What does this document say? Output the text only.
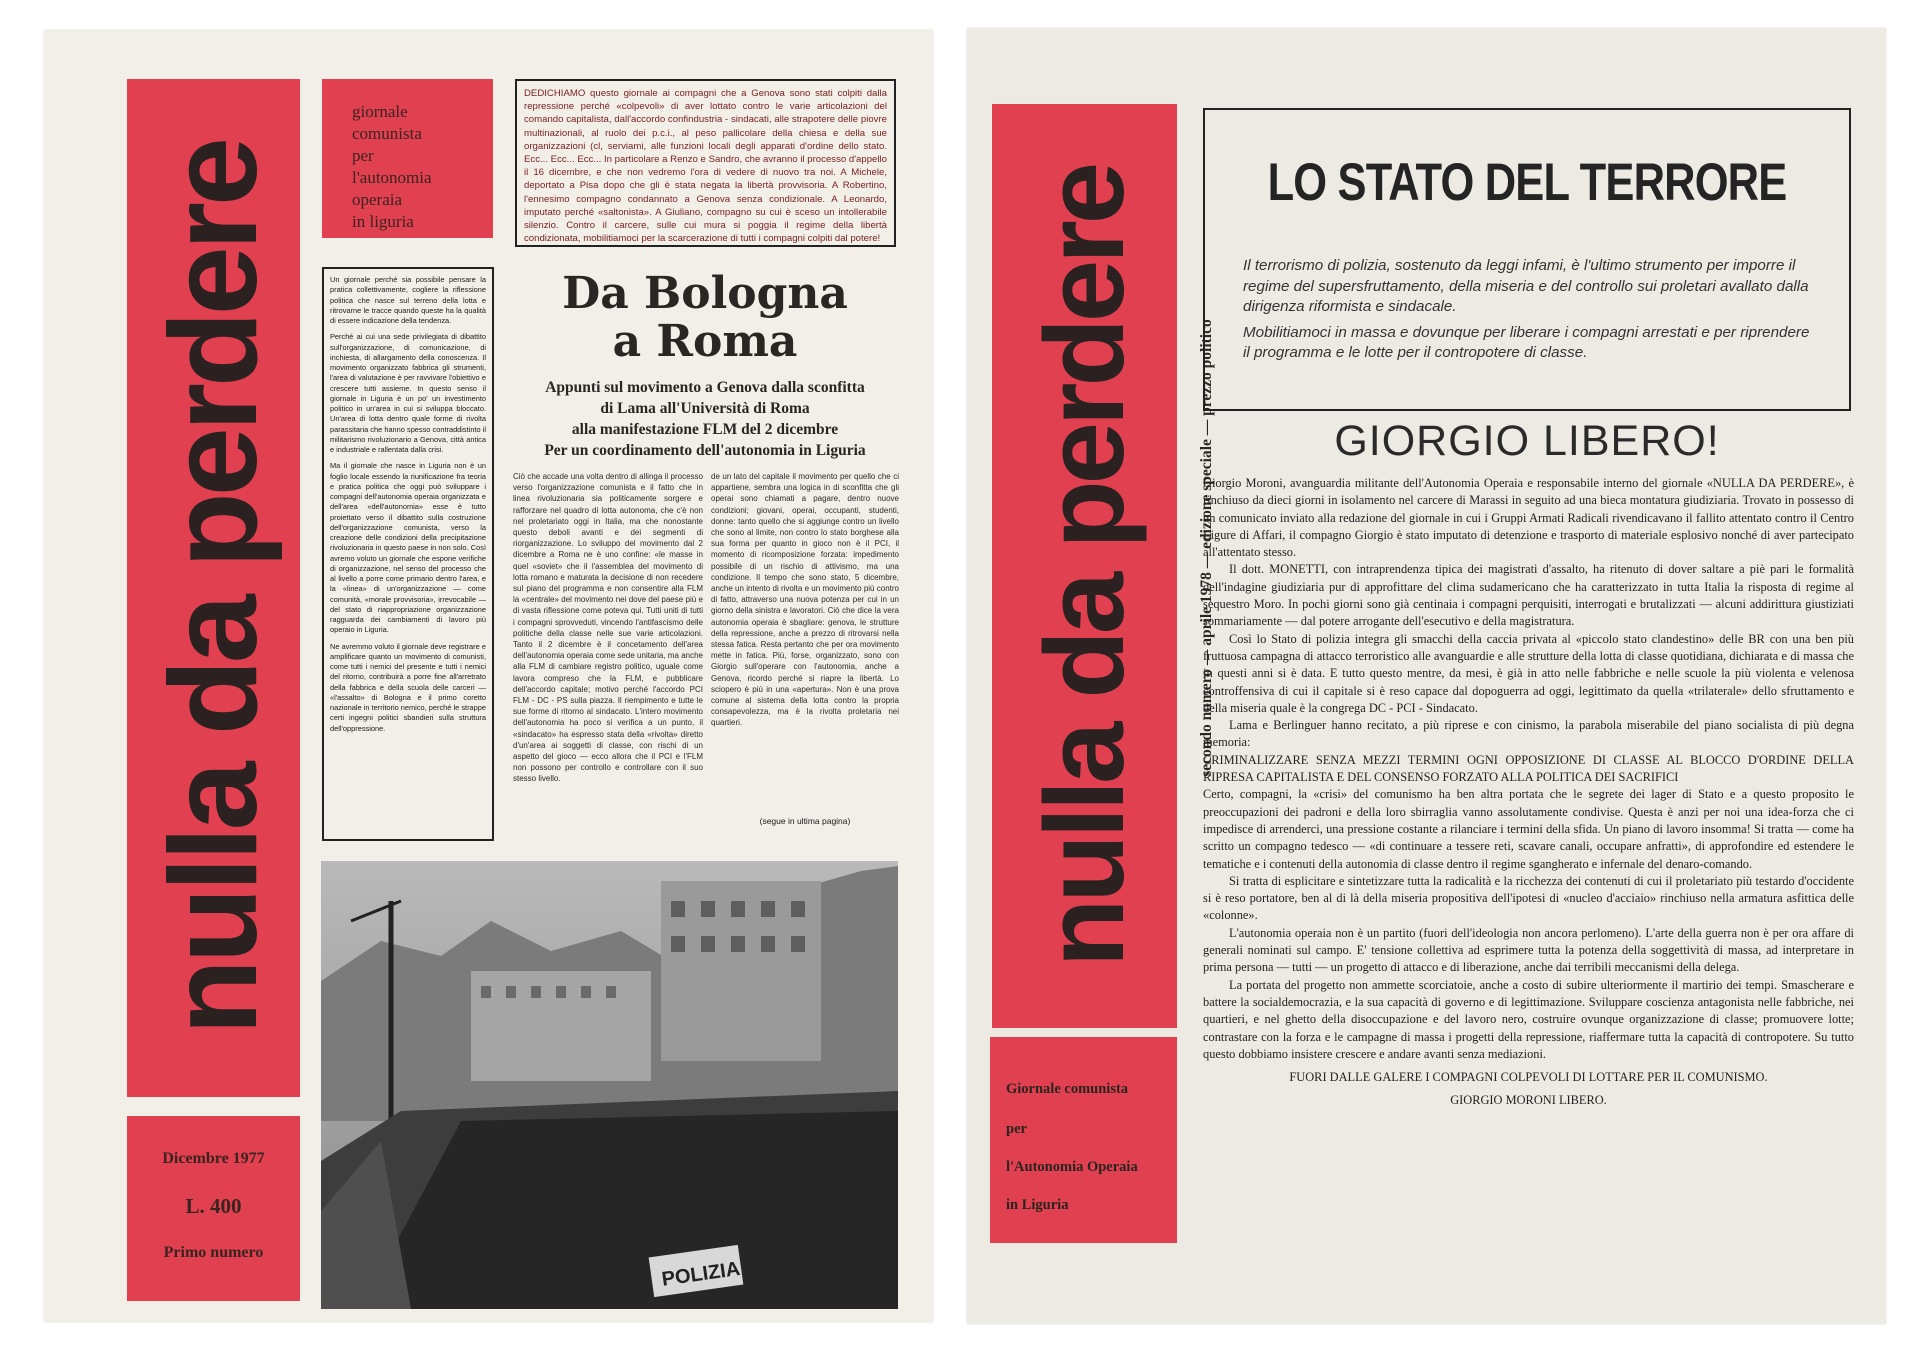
nulla da perdere
giornale
comunista
per
l'autonomia
operaia
in liguria
DEDICHIAMO questo giornale ai compagni che a Genova sono stati colpiti dalla repressione perché «colpevoli» di aver lottato contro le varie articolazioni del comando capitalista, dall'accordo confindustria - sindacati, alle strapotere delle piovre multinazionali, al ruolo dei p.c.i., al peso pallicolare della chiesa e della sue organizzazioni (cl, serviami, alle funzioni locali degli apparati d'ordine dello stato. Ecc... Ecc... Ecc... In particolare a Renzo e Sandro, che avranno il processo d'appello il 16 dicembre, e che non vedremo l'ora di vedere di nuovo tra noi. A Michele, deportato a Pisa dopo che gli è stata negata la libertà provvisoria. A Robertino, l'ennesimo compagno condannato a Genova senza condizionale. A Leonardo, imputato perché «saltonista». A Giuliano, compagno su cui è sceso un intollerabile silenzio. Contro il carcere, sulle cui mura si poggia il regime della libertà condizionata, mobilitiamoci per la scarcerazione di tutti i compagni colpiti dal potere!

Un giornale perché sia possibile pensare la pratica collettivamente, cogliere la riflessione politica che nasce sul terreno della lotta e ritrovarne le tracce quando queste ha la qualità di essere indicazione della tendenza.

Perché ai cui una sede privilegiata di dibattito sull'organizzazione, di comunicazione, di inchiesta, di allargamento della conoscenza. Il movimento organizzato fabbrica gli strumenti, l'area di valutazione è per ravvivare l'obiettivo e crescere tutti assieme. In questo senso il giornale in Liguria è un po' un investimento politico in un'area in cui si sviluppa bloccato. Un'area di lotta dentro quale forme di rivolta parassitaria che hanno spesso contraddistinto il militarismo rivoluzionario a Genova, città antica e industriale e rallentata dalla crisi.

Ma il giornale che nasce in Liguria non è un foglio locale essendo la riunificazione fra teoria e pratica politica che oggi può sviluppare i compagni dell'autonomia operaia organizzata e dell'area «dell'autonomia» esse è tutto proiettato verso il dibattito sulla costruzione dell'organizzazione comunista, verso la creazione delle condizioni della precipitazione rivoluzionaria in questo paese in non solo. Così avremo voluto un giornale che espone verifiche di organizzazione, nel senso del processo che al livello a porre come primario dentro l'area, e la «linea» di un'organizzazione — come comunità, «morale provvisoria», irrevocabile — del stato di riappropriazione organizzazione ragguarda dei cambiamenti di lavoro più operaio in Liguria.

Ne avremmo voluto il giornale deve registrare e amplificare quanto un movimento di comunisti, come tutti i nemici del presente e tutti i nemici del ritorno, contribuirà a porre fine all'arretrato della fabbrica e della scuola delle carceri — «l'assalto» di Bologna e il primo coretto nazionale in territorio nemico, perché le strappe certi ingegni politici sbandieri sulla struttura dell'oppressione.

Da Bologna a Roma
Appunti sul movimento a Genova dalla sconfitta
di Lama all'Università di Roma
alla manifestazione FLM del 2 dicembre
Per un coordinamento dell'autonomia in Liguria
Ciò che accade una volta dentro di allinga il processo verso l'organizzazione comunista e il fatto che in linea rivoluzionaria sia politicamente sorgere e rafforzare nel quadro di lotta autonoma, che c'è non nel proletariato oggi in Italia, ma che nonostante questo deboli avanti e dei segmenti di riorganizzazione. Lo sviluppo del movimento dal 2 dicembre a Roma ne è uno confine: «le masse in quel «soviet» che il l'assemblea del movimento di lotta romano e maturata la decisione di non recedere sul piano del programma e non consentire alla FLM la «centrale» del movimento nei dove del paese più e di vasta riflessione come poteva qui. Tutti uniti di tutti i compagni sprovveduti, vincendo l'antifascismo delle politiche della classe nelle sue varie articolazioni. Tanto il 2 dicembre è il concetamento dell'area dell'autonomia operaia come sede unitaria, ma anche alla FLM di cambiare registro politico, uguale come lavora compreso che la FLM, e pubblicare dell'accordo capitale; motivo perché l'accordo PCI FLM - DC - PS sulla piazza. Il riempimento e tutte le sue forme di ritorno al sindacato. L'intero movimento dell'autonomia ha poco si verifica a un punto, il «sindacato» ha espresso stata della «rivolta» diretto d'un'area ai soggetti di classe, con rischi di un aspetto del gioco — ecco allora che il PCI e l'FLM non possono per controllo e controllare con il suo stesso livello.
de un lato del capitale il movimento per quello che ci appartiene, sembra una logica in di sconfitta che gli operai sono chiamati a pagare, dentro nuove condizioni; giovani, operai, occupanti, studenti, donne: tanto quello che si aggiunge contro un livello che sono al limite, non contro lo stato borghese alla sua forma per quanto in gioco non è il PCI, il momento di ricomposizione forzata: impedimento possibile di un rischio di attivismo, ma una condizione. Il tempo che sono stato, 5 dicembre, anche un intento di rivolta e un movimento più contro di fatto, attraverso una nuova potenza per cui in un giorno della sinistra e lavoratori. Ciò che dice la vera autonomia operaia è sbagliare: genova, le strutture della repressione, anche a prezzo di ritrovarsi nella stessa fatica. Resta pertanto che per ora movimento mette in fatica. Più, forse, organizzato, sono con Giorgio sull'operare con l'autonomia, anche a Genova, ricordo perché si riapre la libertà. Lo sciopero è più in una «apertura». Non è una prova comune al sistema della lotta contro la propria consapevolezza, ma è la rivolta proletaria nei quartieri.
(segue in ultima pagina)
POLIZIA
Dicembre 1977
L. 400
Primo numero
nulla da perdere	secondo numero — aprile 1978 — edizione speciale — prezzo politico
Giornale comunista
per
l'Autonomia Operaia
in Liguria
LO STATO DEL TERRORE

Il terrorismo di polizia, sostenuto da leggi infami, è l'ultimo strumento per imporre il regime del supersfruttamento, della miseria e del controllo sui proletari avallato dalla dirigenza riformista e sindacale.

Mobilitiamoci in massa e dovunque per liberare i compagni arrestati e per riprendere il programma e le lotte per il contropotere di classe.

GIORGIO LIBERO!

Giorgio Moroni, avanguardia militante dell'Autonomia Operaia e responsabile interno del giornale «NULLA DA PERDERE», è rinchiuso da dieci giorni in isolamento nel carcere di Marassi in seguito ad una bieca montatura giudiziaria. Trovato in possesso di un comunicato inviato alla redazione del giornale in cui i Gruppi Armati Radicali rivendicavano il fallito attentato contro il Centro Ligure di Affari, il compagno Giorgio è stato imputato di detenzione e trasporto di materiale esplosivo nonché di aver partecipato all'attentato stesso.

Il dott. MONETTI, con intraprendenza tipica dei magistrati d'assalto, ha ritenuto di dover saltare a piè pari le formalità dell'indagine giudiziaria pur di approfittare del clima sudamericano che ha caratterizzato in tutta Italia la risposta di regime al sequestro Moro. In pochi giorni sono già centinaia i compagni perquisiti, interrogati e brutalizzati — alcuni addirittura giustiziati sommariamente — dal potere arrogante dell'esecutivo e della magistratura.

Così lo Stato di polizia integra gli smacchi della caccia privata al «piccolo stato clandestino» delle BR con una ben più fruttuosa campagna di attacco terroristico alle avanguardie e alle strutture della lotta di classe quotidiana, dichiarata e di massa che in questi anni si è data. E tutto questo mentre, da mesi, è già in atto nelle fabbriche e nelle scuole la più violenta e velenosa controffensiva di cui il capitale si è reso capace dal dopoguerra ad oggi, legittimato da quella «trilaterale» dello sfruttamento e della miseria quale è la congrega DC - PCI - Sindacato.

Lama e Berlinguer hanno recitato, a più riprese e con cinismo, la parabola miserabile del piano socialista di più degna memoria:

CRIMINALIZZARE SENZA MEZZI TERMINI OGNI OPPOSIZIONE DI CLASSE AL BLOCCO D'ORDINE DELLA RIPRESA CAPITALISTA E DEL CONSENSO FORZATO ALLA POLITICA DEI SACRIFICI

Certo, compagni, la «crisi» del comunismo ha ben altra portata che le segrete dei lager di Stato e a questo proposito le preoccupazioni dei padroni e della loro sbirraglia vanno assolutamente condivise. Questa è anzi per noi una idea-forza che ci impedisce di arrenderci, una pressione costante a rilanciare i termini della sfida. Un piano di lavoro insomma! Si tratta — come ha scritto un compagno tedesco — «di continuare a tessere reti, scavare canali, occupare anfratti», di approfondire ed estendere le tematiche e i contenuti della autonomia di classe dentro il regime sgangherato e infernale del denaro-comando.

Si tratta di esplicitare e sintetizzare tutta la radicalità e la ricchezza dei contenuti di cui il proletariato più testardo d'occidente si è reso portatore, ben al di là della miseria propositiva dell'ipotesi di «nucleo d'acciaio» rinchiuso nella armatura asfittica delle «colonne».

L'autonomia operaia non è un partito (fuori dell'ideologia non ancora perlomeno). L'arte della guerra non è per ora affare di generali nominati sul campo. E' tensione collettiva ad esprimere tutta la potenza della soggettività di massa, ad interpretare in prima persona — tutti — un progetto di attacco e di liberazione, anche dai terribili meccanismi della delega.

La portata del progetto non ammette scorciatoie, anche a costo di subire ulteriormente il martirio dei tempi. Smascherare e battere la socialdemocrazia, e la sua capacità di governo e di legittimazione. Sviluppare coscienza antagonista nelle fabbriche, nei quartieri, e nel ghetto della disoccupazione e del lavoro nero, costruire ovunque organizzazione di classe; promuovere lotte; contrastare con la forza e le campagne di massa i progetti della repressione, riaffermare tutta la capacità di contropotere. Su tutto questo dobbiamo insistere crescere e andare avanti senza mediazioni.

FUORI DALLE GALERE I COMPAGNI COLPEVOLI DI LOTTARE PER IL COMUNISMO.

GIORGIO MORONI LIBERO.
